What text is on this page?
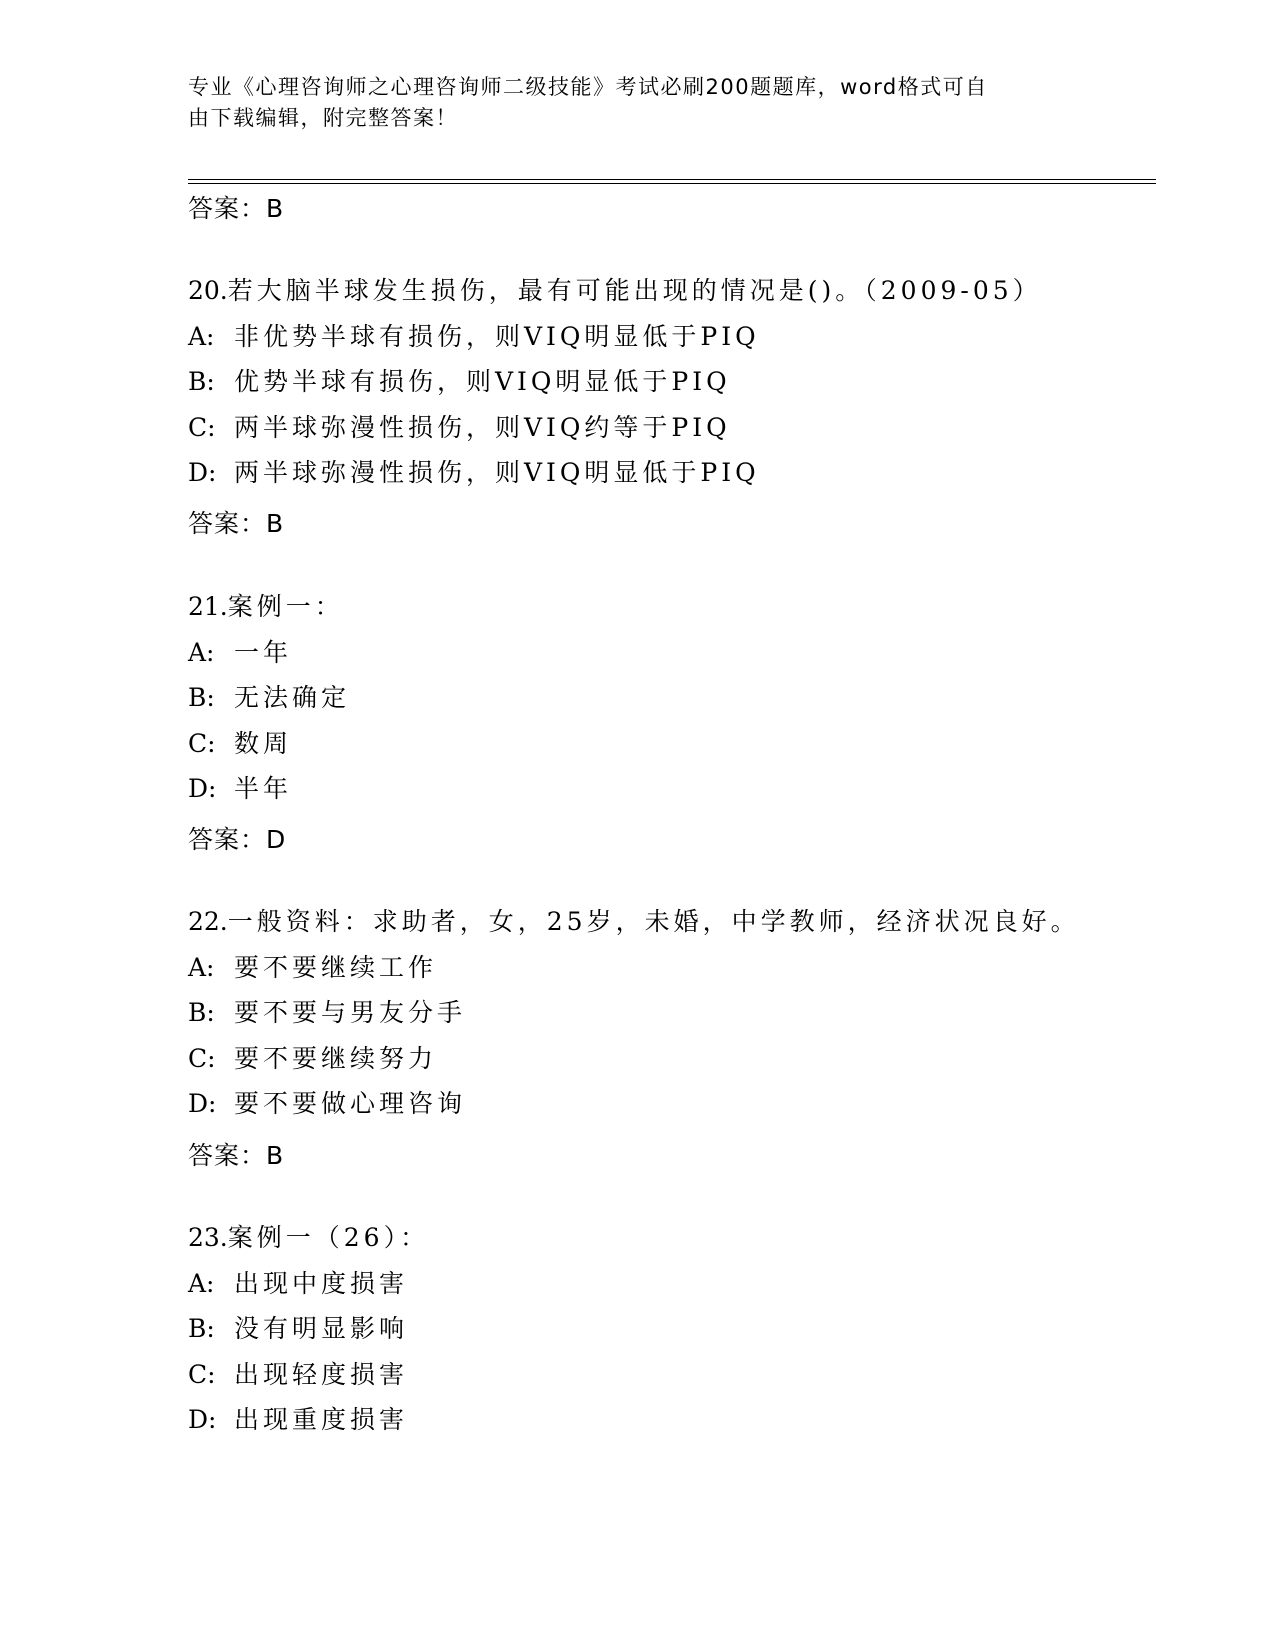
专业《心理咨询师之心理咨询师二级技能》考试必刷200题题库，word格式可自
由下载编辑，附完整答案！
答案：B
20.若大脑半球发生损伤，最有可能出现的情况是()。（2009-05）
A: 非优势半球有损伤，则VIQ明显低于PIQ
B: 优势半球有损伤，则VIQ明显低于PIQ
C: 两半球弥漫性损伤，则VIQ约等于PIQ
D: 两半球弥漫性损伤，则VIQ明显低于PIQ
答案：B
21.案例一：
A: 一年
B: 无法确定
C: 数周
D: 半年
答案：D
22.一般资料：求助者，女，25岁，未婚，中学教师，经济状况良好。
A: 要不要继续工作
B: 要不要与男友分手
C: 要不要继续努力
D: 要不要做心理咨询
答案：B
23.案例一（26）：
A: 出现中度损害
B: 没有明显影响
C: 出现轻度损害
D: 出现重度损害
